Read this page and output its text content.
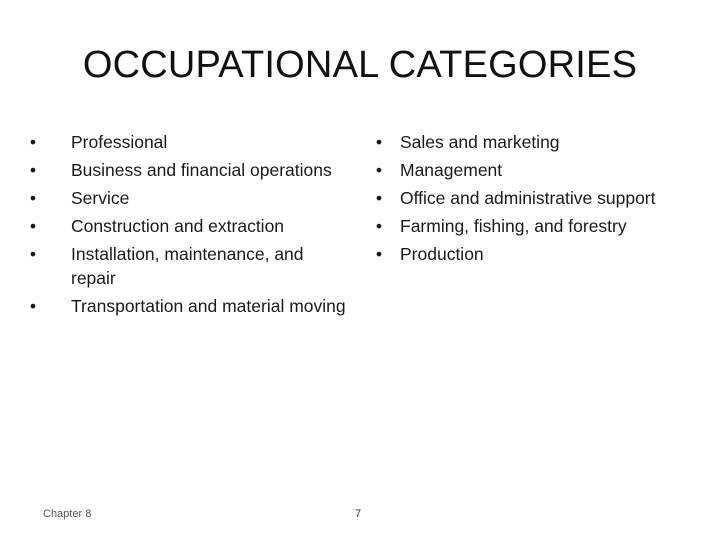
OCCUPATIONAL CATEGORIES
• Professional
• Business and financial operations
• Service
• Construction and extraction
• Installation, maintenance, and repair
• Transportation and material moving
• Sales and marketing
• Management
• Office and administrative support
• Farming, fishing, and forestry
• Production
Chapter 8	7
